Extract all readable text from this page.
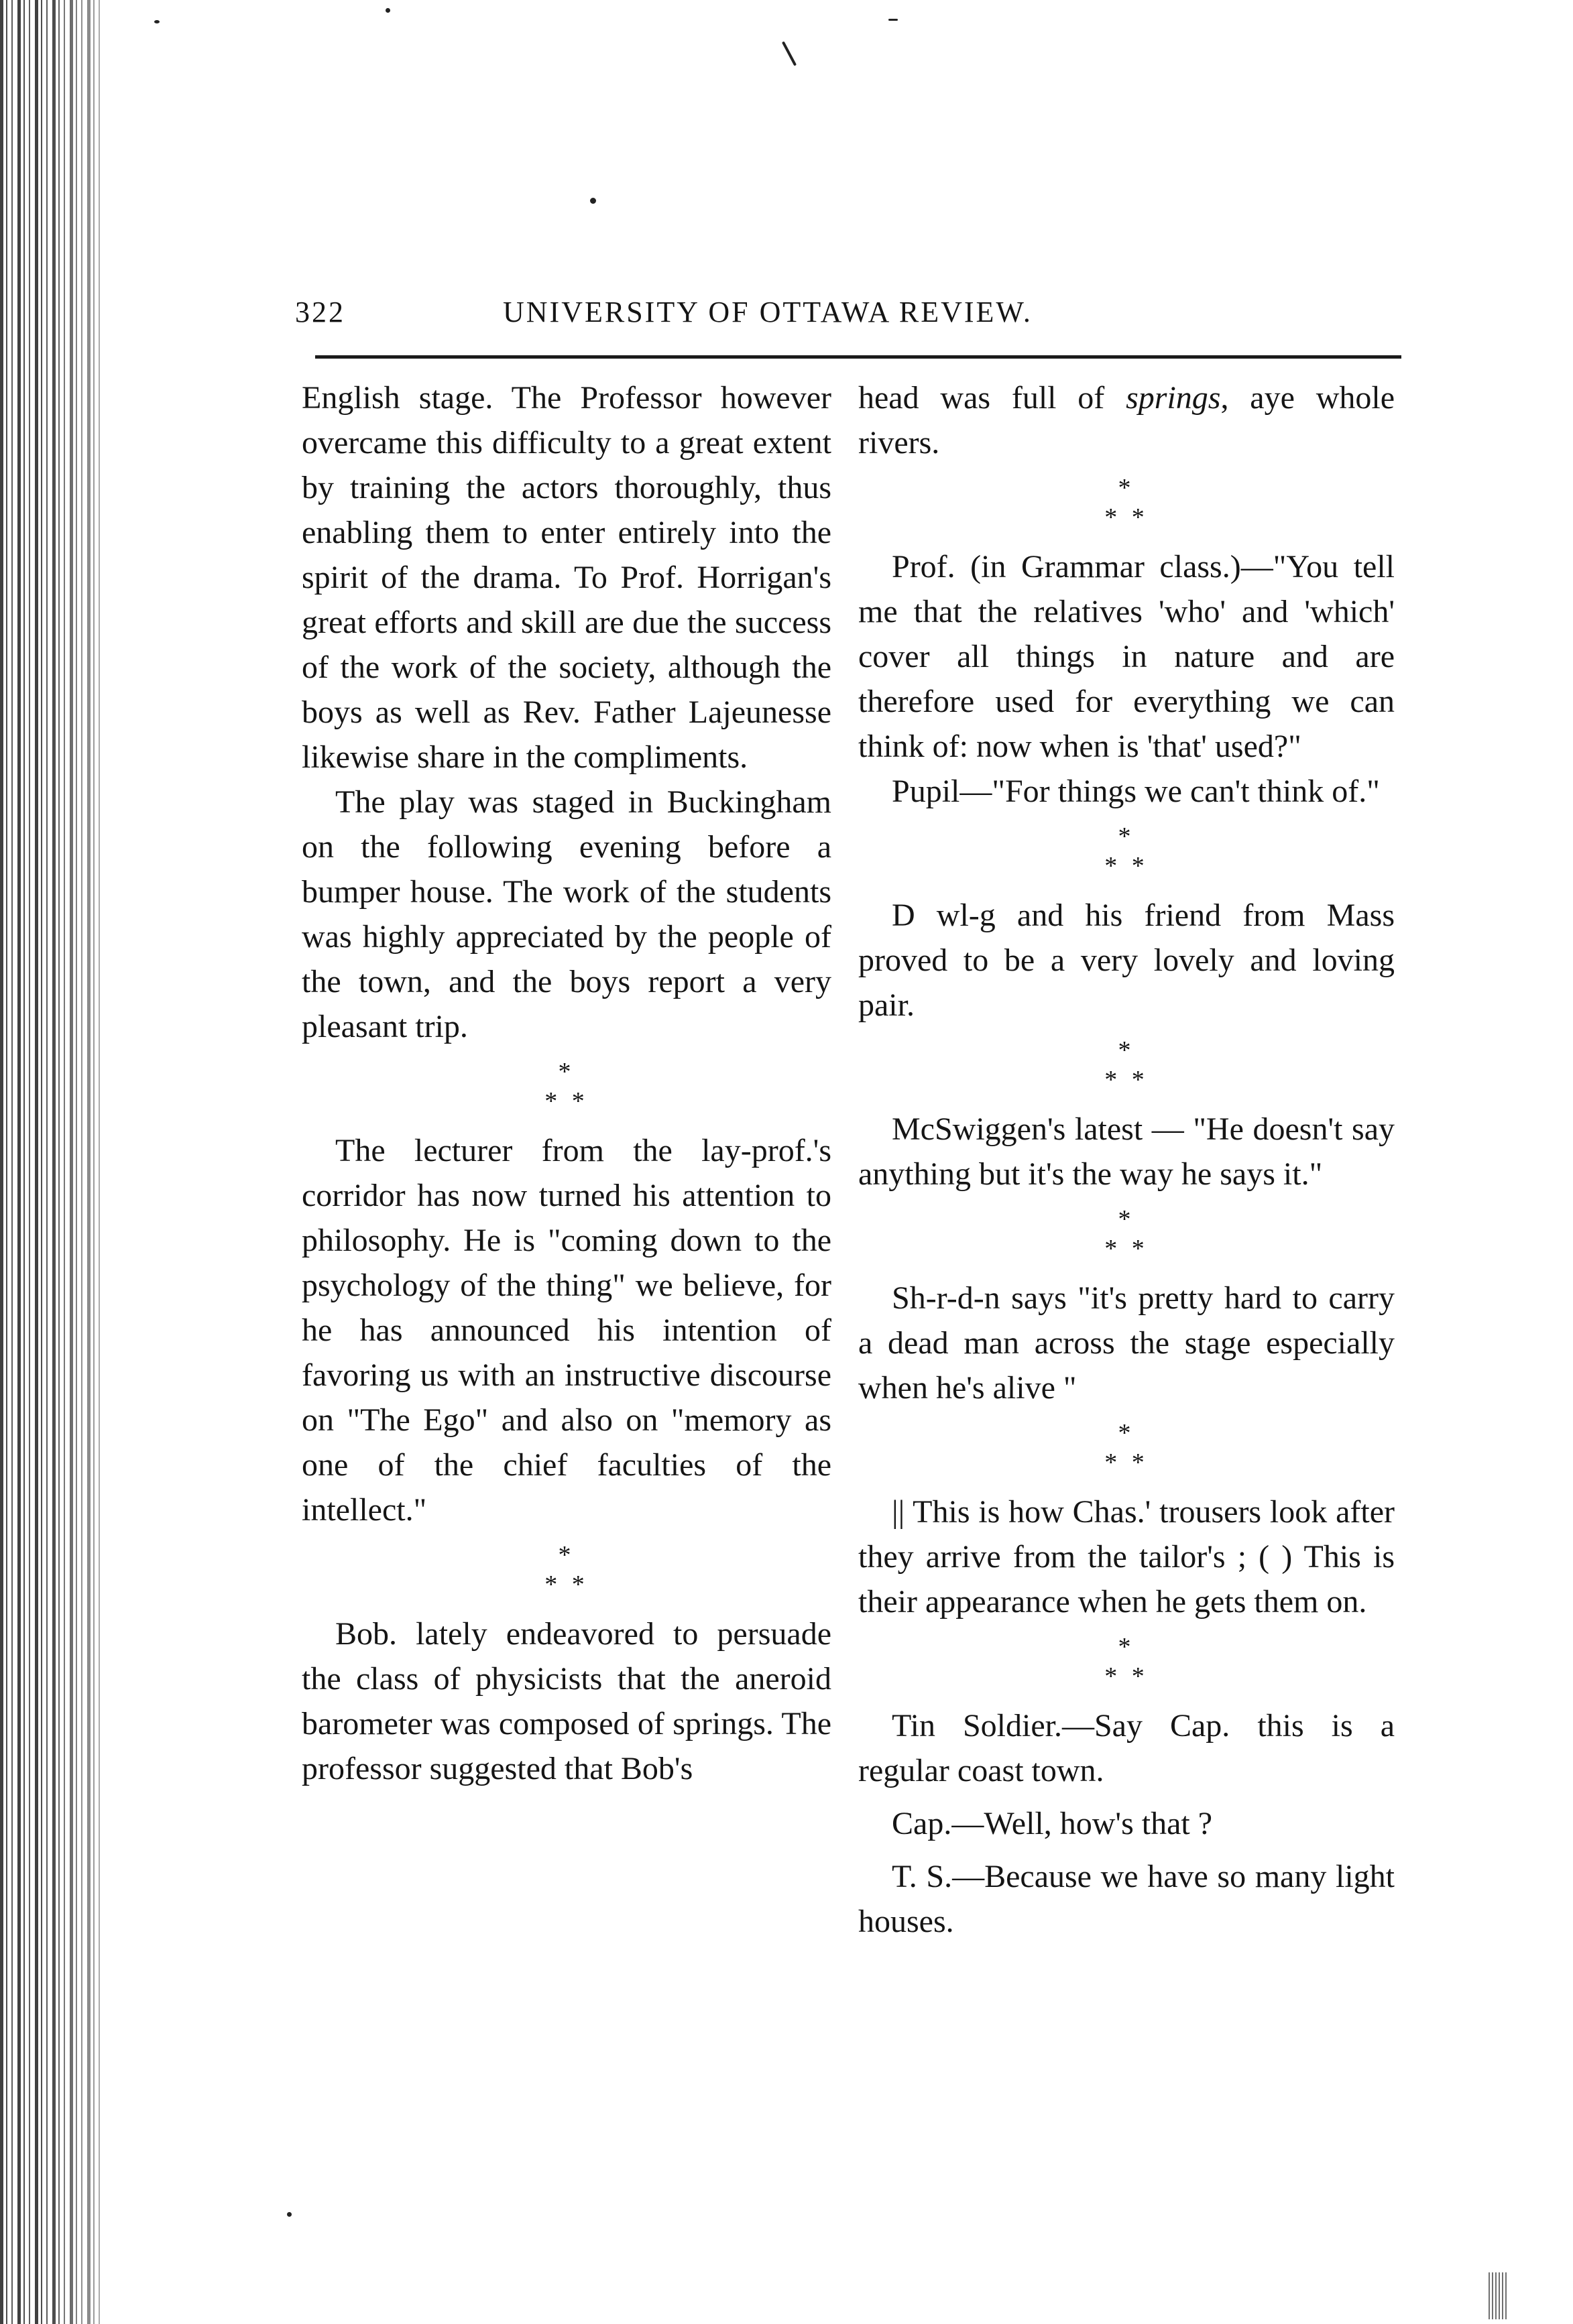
322	UNIVERSITY OF OTTAWA REVIEW.

English stage. The Professor however overcame this difficulty to a great extent by training the actors thoroughly, thus enabling them to enter entirely into the spirit of the drama. To Prof. Horrigan's great efforts and skill are due the success of the work of the society, although the boys as well as Rev. Father Lajeunesse likewise share in the compliments.

The play was staged in Buckingham on the following evening before a bumper house. The work of the students was highly appreciated by the people of the town, and the boys report a very pleasant trip.

*
* *

The lecturer from the lay-prof.'s corridor has now turned his attention to philosophy. He is "coming down to the psychology of the thing" we believe, for he has announced his intention of favoring us with an instructive discourse on "The Ego" and also on "memory as one of the chief faculties of the intellect."

*
* *

Bob. lately endeavored to persuade the class of physicists that the aneroid barometer was composed of springs. The professor suggested that Bob's

head was full of springs, aye whole rivers.

*
* *

Prof. (in Grammar class.)—"You tell me that the relatives 'who' and 'which' cover all things in nature and are therefore used for everything we can think of: now when is 'that' used?"

Pupil—"For things we can't think of."

*
* *

D wl-g and his friend from Mass proved to be a very lovely and loving pair.

*
* *

McSwiggen's latest — "He doesn't say anything but it's the way he says it."

*
* *

Sh-r-d-n says "it's pretty hard to carry a dead man across the stage especially when he's alive "

*
* *

|| This is how Chas.' trousers look after they arrive from the tailor's ; ( ) This is their appearance when he gets them on.

*
* *

Tin Soldier.—Say Cap. this is a regular coast town.

Cap.—Well, how's that ?

T. S.—Because we have so many light houses.
